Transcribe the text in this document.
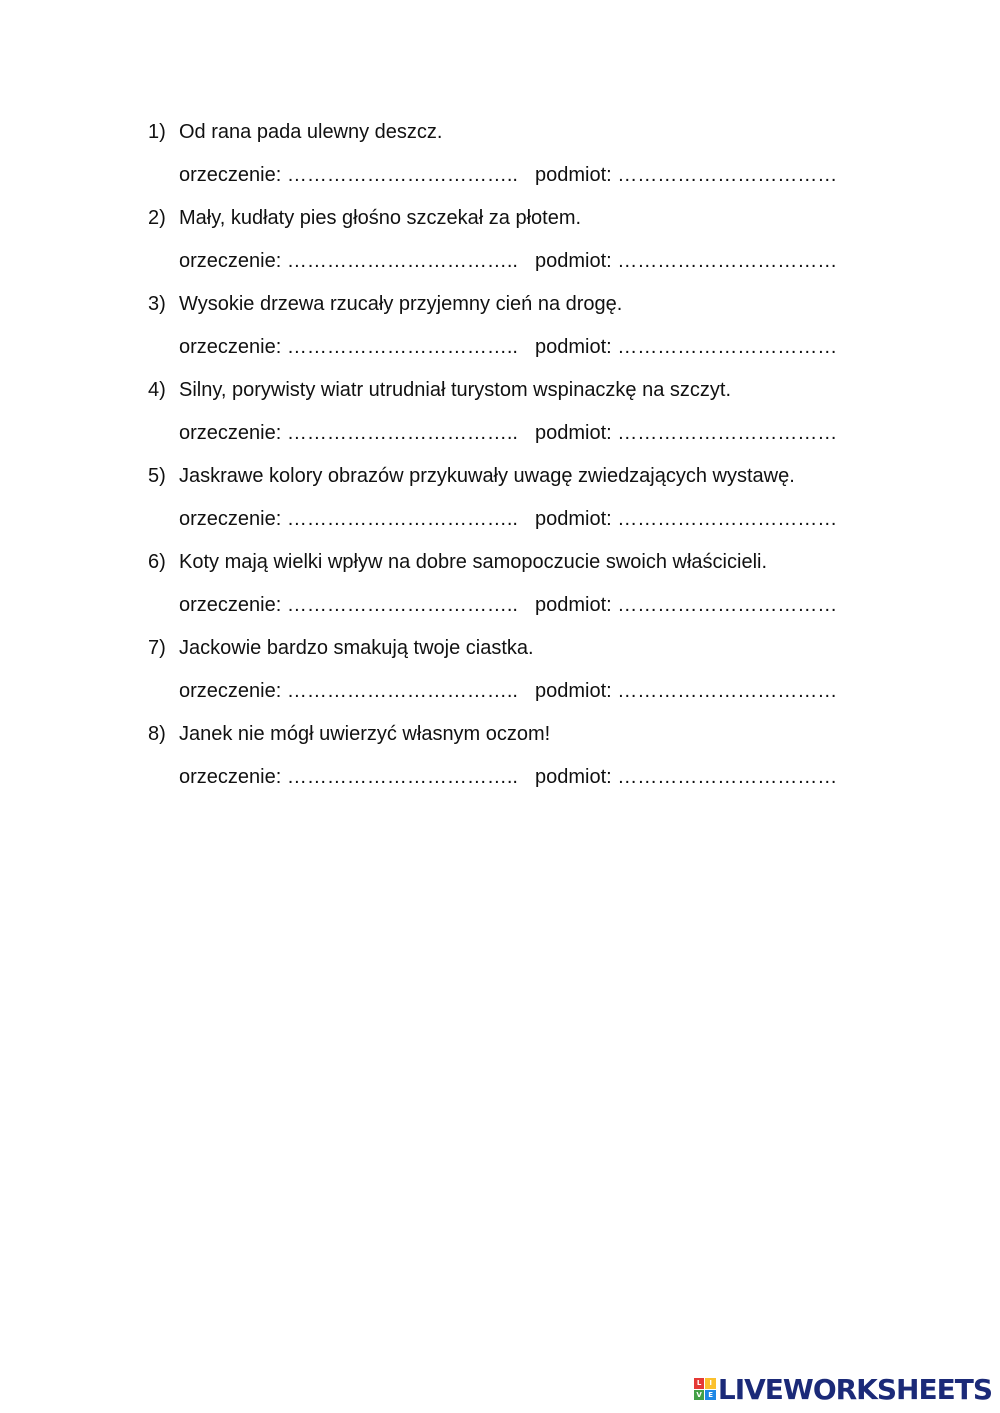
1) Od rana pada ulewny deszcz.
orzeczenie: …………………………….. podmiot: ……………………………
2) Mały, kudłaty pies głośno szczekał za płotem.
orzeczenie: …………………………….. podmiot: ……………………………
3) Wysokie drzewa rzucały przyjemny cień na drogę.
orzeczenie: …………………………….. podmiot: ……………………………
4) Silny, porywisty wiatr utrudniał turystom wspinaczkę na szczyt.
orzeczenie: …………………………….. podmiot: ……………………………
5) Jaskrawe kolory obrazów przykuwały uwagę zwiedzających wystawę.
orzeczenie: …………………………….. podmiot: ……………………………
6) Koty mają wielki wpływ na dobre samopoczucie swoich właścicieli.
orzeczenie: …………………………….. podmiot: ……………………………
7) Jackowie bardzo smakują twoje ciastka.
orzeczenie: …………………………….. podmiot: ……………………………
8) Janek nie mógł uwierzyć własnym oczom!
orzeczenie: …………………………….. podmiot: ……………………………
L	I
V E LIVEWORKSHEETS
